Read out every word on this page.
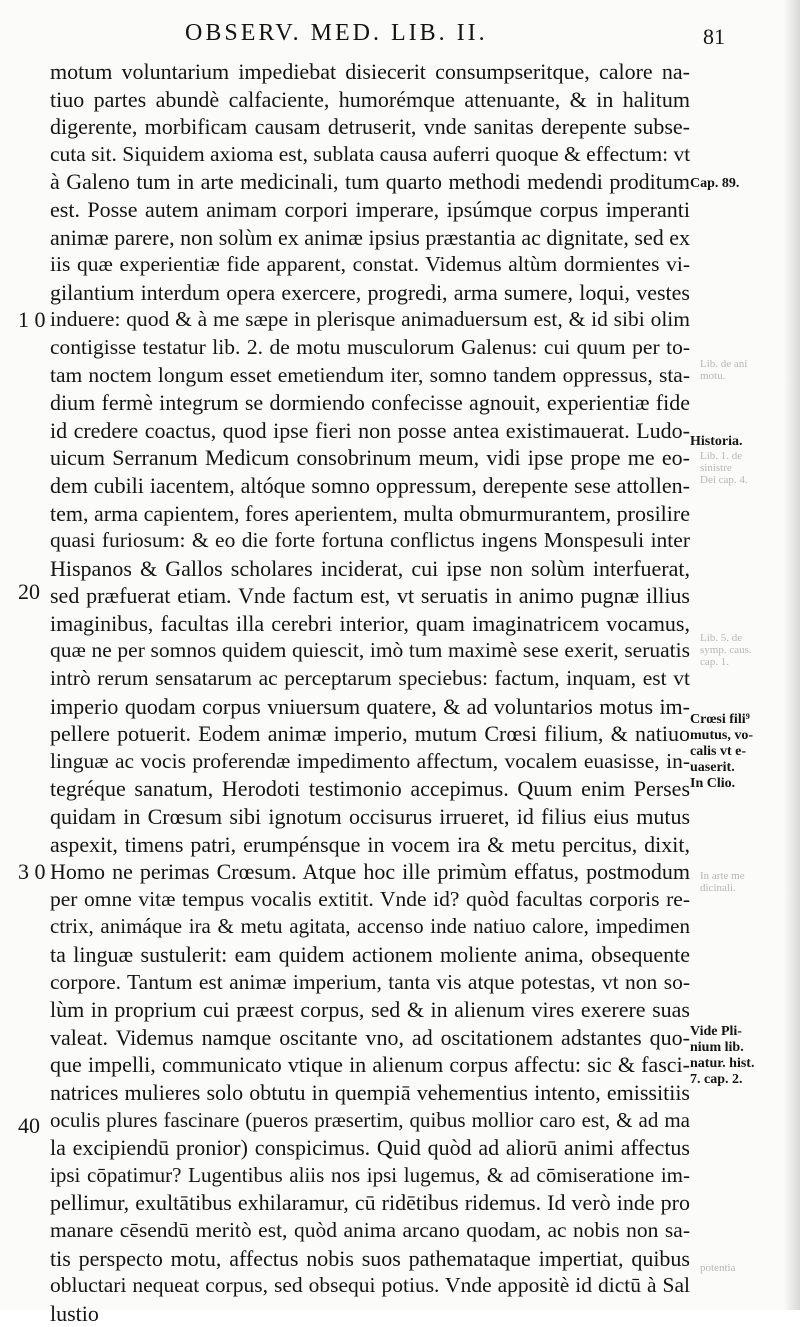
OBSERV. MED. LIB. II.	81
1 0
20
3 0
40
motum voluntarium impediebat disiecerit consumpseritque, calore na-
tiuo partes abundè calfaciente, humorémque attenuante, & in halitum
digerente, morbificam causam detruserit, vnde sanitas derepente subse-
cuta sit. Siquidem axioma est, sublata causa auferri quoque & effectum: vt
à Galeno tum in arte medicinali, tum quarto methodi medendi proditum
est. Posse autem animam corpori imperare, ipsúmque corpus imperanti
animæ parere, non solùm ex animæ ipsius præstantia ac dignitate, sed ex
iis quæ experientiæ fide apparent, constat. Videmus altùm dormientes vi-
gilantium interdum opera exercere, progredi, arma sumere, loqui, vestes
induere: quod & à me sæpe in plerisque animaduersum est, & id sibi olim
contigisse testatur lib. 2. de motu musculorum Galenus: cui quum per to-
tam noctem longum esset emetiendum iter, somno tandem oppressus, sta-
dium fermè integrum se dormiendo confecisse agnouit, experientiæ fide
id credere coactus, quod ipse fieri non posse antea existimauerat. Ludo-
uicum Serranum Medicum consobrinum meum, vidi ipse prope me eo-
dem cubili iacentem, altóque somno oppressum, derepente sese attollen-
tem, arma capientem, fores aperientem, multa obmurmurantem, prosilire
quasi furiosum: & eo die forte fortuna conflictus ingens Monspesuli inter
Hispanos & Gallos scholares inciderat, cui ipse non solùm interfuerat,
sed præfuerat etiam. Vnde factum est, vt seruatis in animo pugnæ illius
imaginibus, facultas illa cerebri interior, quam imaginatricem vocamus,
quæ ne per somnos quidem quiescit, imò tum maximè sese exerit, seruatis
intrò rerum sensatarum ac perceptarum speciebus: factum, inquam, est vt
imperio quodam corpus vniuersum quatere, & ad voluntarios motus im-
pellere potuerit. Eodem animæ imperio, mutum Crœsi filium, & natiuo
linguæ ac vocis proferendæ impedimento affectum, vocalem euasisse, in-
tegréque sanatum, Herodoti testimonio accepimus. Quum enim Perses
quidam in Crœsum sibi ignotum occisurus irrueret, id filius eius mutus
aspexit, timens patri, erumpénsque in vocem ira & metu percitus, dixit,
Homo ne perimas Crœsum. Atque hoc ille primùm effatus, postmodum
per omne vitæ tempus vocalis extitit. Vnde id? quòd facultas corporis re-
ctrix, animáque ira & metu agitata, accenso inde natiuo calore, impedimen
ta linguæ sustulerit: eam quidem actionem moliente anima, obsequente
corpore. Tantum est animæ imperium, tanta vis atque potestas, vt non so-
lùm in proprium cui præest corpus, sed & in alienum vires exerere suas
valeat. Videmus namque oscitante vno, ad oscitationem adstantes quo-
que impelli, communicato vtique in alienum corpus affectu: sic & fasci-
natrices mulieres solo obtutu in quempiā vehementius intento, emissitiis
oculis plures fascinare (pueros præsertim, quibus mollior caro est, & ad ma
la excipiendū pronior) conspicimus. Quid quòd ad aliorū animi affectus
ipsi cōpatimur? Lugentibus aliis nos ipsi lugemus, & ad cōmiseratione im-
pellimur, exultātibus exhilaramur, cū ridētibus ridemus. Id verò inde pro
manare cēsendū meritò est, quòd anima arcano quodam, ac nobis non sa-
tis perspecto motu, affectus nobis suos pathemataque impertiat, quibus
obluctari nequeat corpus, sed obsequi potius. Vnde appositè id dictū à Sal
lustio
Cap. 89.
Historia.
Crœsi fili⁹
mutus, vo-
calis vt e-
uaserit.
In Clio.
Vide Pli-
nium lib.
natur. hist.
7. cap. 2.
Lib. de ani
motu.
Lib. 1. de
sinistre
Dei cap. 4.
Lib. 5. de
symp. caus.
cap. 1.
In arte me
dicinali.
potentia
